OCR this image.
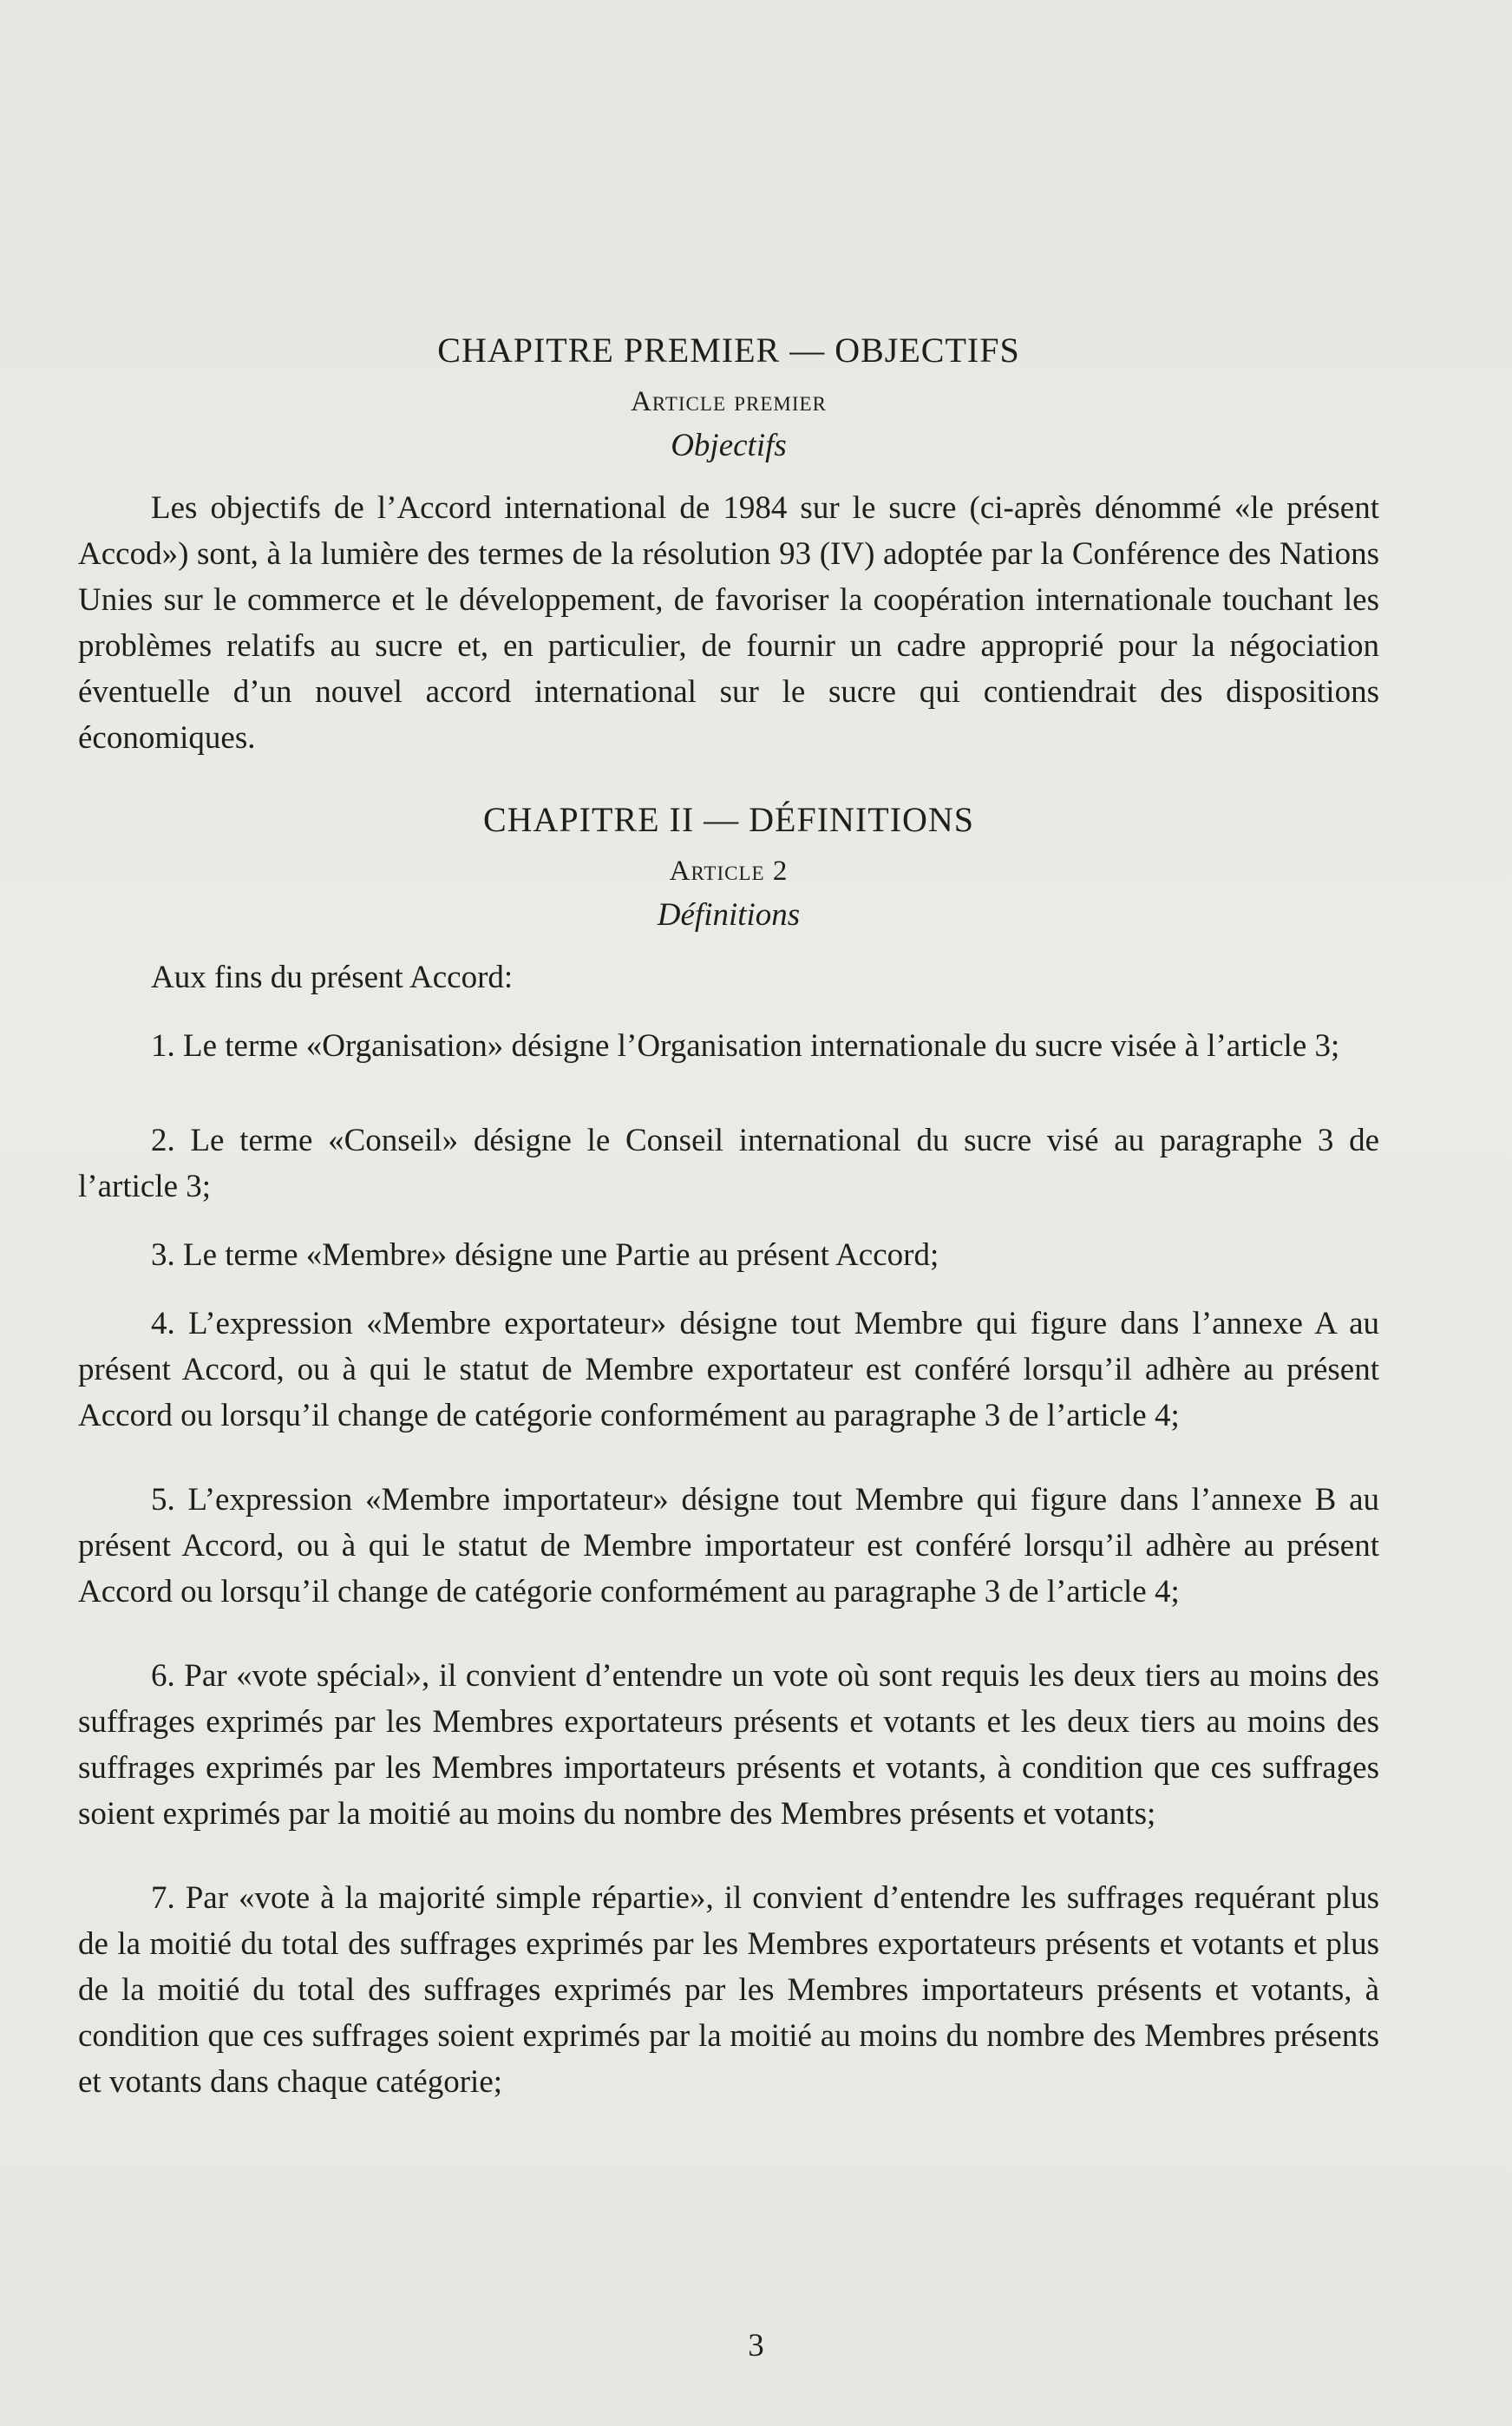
CHAPITRE PREMIER — OBJECTIFS
Article premier
Objectifs

Les objectifs de l’Accord international de 1984 sur le sucre (ci-après dénommé «le présent Accod») sont, à la lumière des termes de la résolution 93 (IV) adoptée par la Conférence des Nations Unies sur le commerce et le développement, de favoriser la coopération internationale touchant les problèmes relatifs au sucre et, en particulier, de fournir un cadre approprié pour la négociation éventuelle d’un nouvel accord international sur le sucre qui contiendrait des dispositions économiques.

CHAPITRE II — DÉFINITIONS
Article 2
Définitions

Aux fins du présent Accord:

1. Le terme «Organisation» désigne l’Organisation internationale du sucre visée à l’article 3;

2. Le terme «Conseil» désigne le Conseil international du sucre visé au paragraphe 3 de l’article 3;

3. Le terme «Membre» désigne une Partie au présent Accord;

4. L’expression «Membre exportateur» désigne tout Membre qui figure dans l’annexe A au présent Accord, ou à qui le statut de Membre exportateur est conféré lorsqu’il adhère au présent Accord ou lorsqu’il change de catégorie conformément au paragraphe 3 de l’article 4;

5. L’expression «Membre importateur» désigne tout Membre qui figure dans l’annexe B au présent Accord, ou à qui le statut de Membre importateur est conféré lorsqu’il adhère au présent Accord ou lorsqu’il change de catégorie conformément au paragraphe 3 de l’article 4;

6. Par «vote spécial», il convient d’entendre un vote où sont requis les deux tiers au moins des suffrages exprimés par les Membres exportateurs présents et votants et les deux tiers au moins des suffrages exprimés par les Membres importateurs présents et votants, à condition que ces suffrages soient exprimés par la moitié au moins du nombre des Membres présents et votants;

7. Par «vote à la majorité simple répartie», il convient d’entendre les suffrages requérant plus de la moitié du total des suffrages exprimés par les Membres exportateurs présents et votants et plus de la moitié du total des suffrages exprimés par les Membres importateurs présents et votants, à condition que ces suffrages soient exprimés par la moitié au moins du nombre des Membres présents et votants dans chaque catégorie;

3
